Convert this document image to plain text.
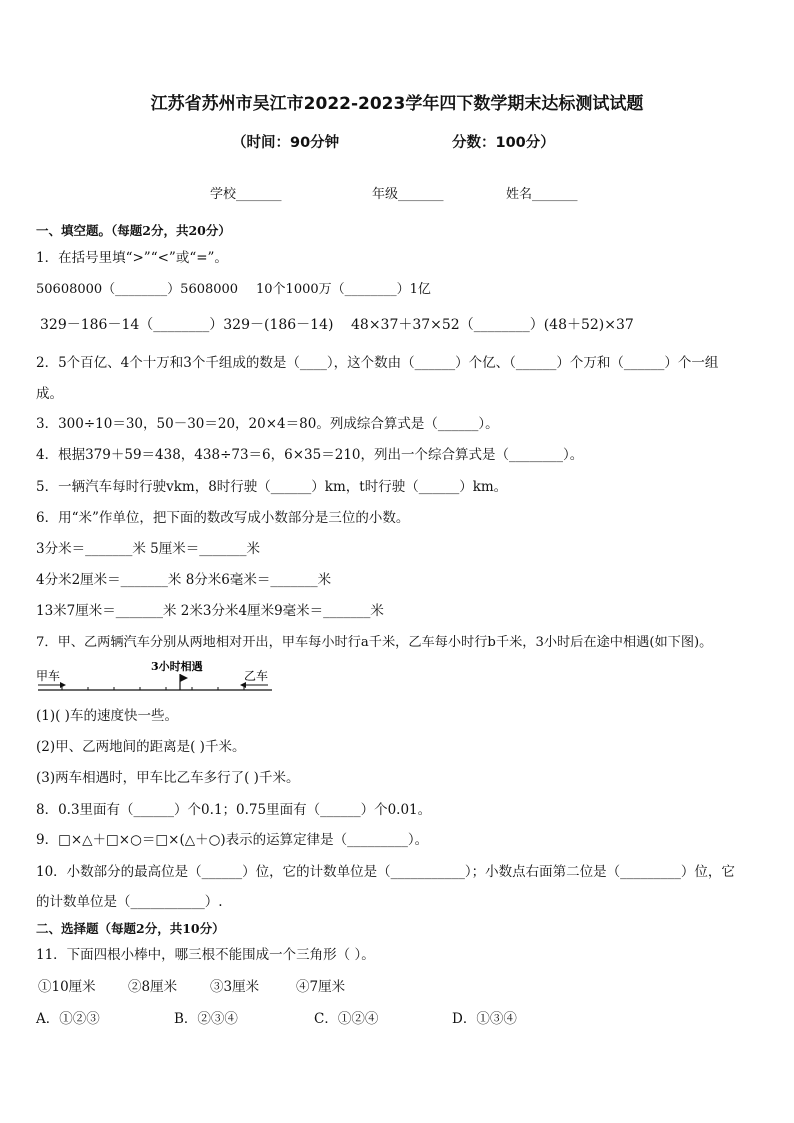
江苏省苏州市吴江市2022-2023学年四下数学期末达标测试试题
（时间：90分钟	分数：100分）
学校_______	年级_______	姓名_______
一、填空题。（每题2分，共20分）
1．在括号里填“>”“<”或“=”。
50608000（________）5608000 10个1000万（________）1亿
329－186－14（________）329－(186－14) 48×37＋37×52（________）(48＋52)×37
2．5个百亿、4个十万和3个千组成的数是（____），这个数由（______）个亿、（______）个万和（______）个一组
成。
3．300÷10＝30，50－30＝20，20×4＝80。列成综合算式是（______）。
4．根据379＋59＝438，438÷73＝6，6×35＝210，列出一个综合算式是（________）。
5．一辆汽车每时行驶vkm，8时行驶（______）km，t时行驶（______）km。
6．用“米”作单位，把下面的数改写成小数部分是三位的小数。
3分米＝_______米 5厘米＝_______米
4分米2厘米＝_______米 8分米6毫米＝_______米
13米7厘米＝_______米 2米3分米4厘米9毫米＝_______米
7．甲、乙两辆汽车分别从两地相对开出，甲车每小时行a千米，乙车每小时行b千米，3小时后在途中相遇(如下图)。
甲车	乙车
3小时相遇
(1)( )车的速度快一些。
(2)甲、乙两地间的距离是( )千米。
(3)两车相遇时，甲车比乙车多行了( )千米。
8．0.3里面有（______）个0.1；0.75里面有（______）个0.01。
9．□×△＋□×○＝□×(△＋○)表示的运算定律是（_________）。
10．小数部分的最高位是（______）位，它的计数单位是（___________）；小数点右面第二位是（_________）位，它
的计数单位是（___________）.
二、选择题（每题2分，共10分）
11．下面四根小棒中，哪三根不能围成一个三角形（ ）。
①10厘米 ②8厘米 ③3厘米	④7厘米
A．①②③	B．②③④	C．①②④	D．①③④
